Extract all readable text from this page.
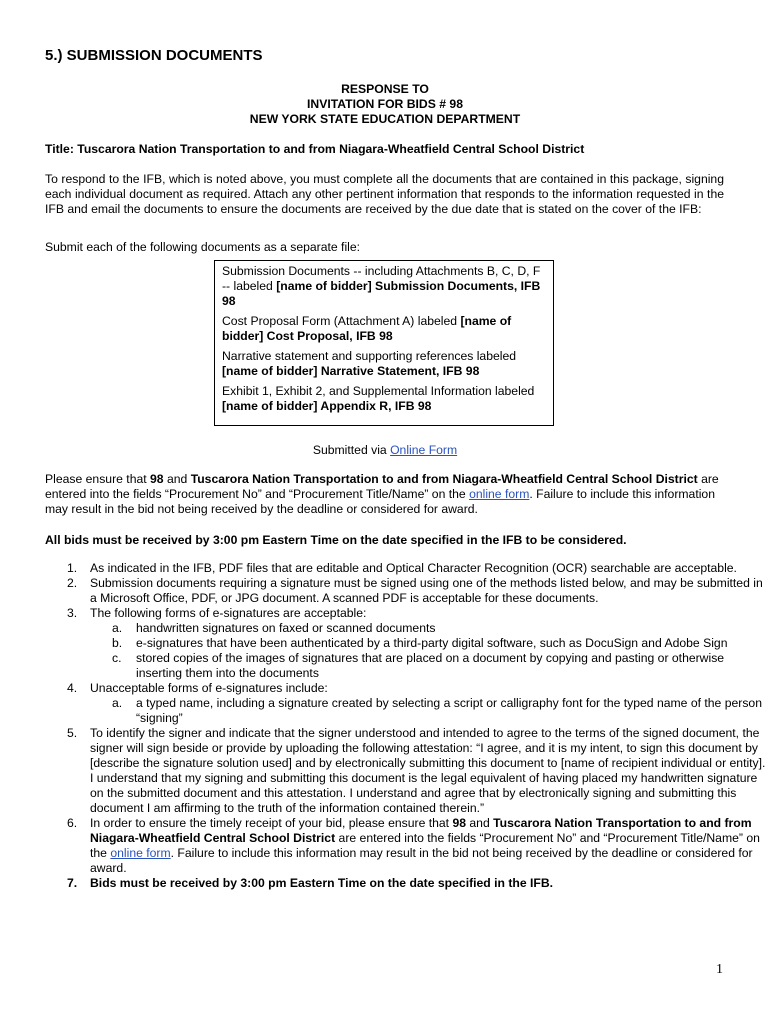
5.) SUBMISSION DOCUMENTS
RESPONSE TO
INVITATION FOR BIDS # 98
NEW YORK STATE EDUCATION DEPARTMENT
Title: Tuscarora Nation Transportation to and from Niagara-Wheatfield Central School District
To respond to the IFB, which is noted above, you must complete all the documents that are contained in this package, signing each individual document as required. Attach any other pertinent information that responds to the information requested in the IFB and email the documents to ensure the documents are received by the due date that is stated on the cover of the IFB:
Submit each of the following documents as a separate file:

Submission Documents -- including Attachments B, C, D, F -- labeled [name of bidder] Submission Documents, IFB 98

Cost Proposal Form (Attachment A) labeled [name of bidder] Cost Proposal, IFB 98

Narrative statement and supporting references labeled [name of bidder] Narrative Statement, IFB 98

Exhibit 1, Exhibit 2, and Supplemental Information labeled [name of bidder] Appendix R, IFB 98

Submitted via Online Form
Please ensure that 98 and Tuscarora Nation Transportation to and from Niagara-Wheatfield Central School District are entered into the fields “Procurement No” and “Procurement Title/Name” on the online form. Failure to include this information may result in the bid not being received by the deadline or considered for award.
All bids must be received by 3:00 pm Eastern Time on the date specified in the IFB to be considered.
1. As indicated in the IFB, PDF files that are editable and Optical Character Recognition (OCR) searchable are acceptable.
2. Submission documents requiring a signature must be signed using one of the methods listed below, and may be submitted in a Microsoft Office, PDF, or JPG document. A scanned PDF is acceptable for these documents.
3. The following forms of e-signatures are acceptable:
a. handwritten signatures on faxed or scanned documents
b. e-signatures that have been authenticated by a third-party digital software, such as DocuSign and Adobe Sign
c. stored copies of the images of signatures that are placed on a document by copying and pasting or otherwise inserting them into the documents
4. Unacceptable forms of e-signatures include:
a. a typed name, including a signature created by selecting a script or calligraphy font for the typed name of the person “signing”
5. To identify the signer and indicate that the signer understood and intended to agree to the terms of the signed document, the signer will sign beside or provide by uploading the following attestation: “I agree, and it is my intent, to sign this document by [describe the signature solution used] and by electronically submitting this document to [name of recipient individual or entity]. I understand that my signing and submitting this document is the legal equivalent of having placed my handwritten signature on the submitted document and this attestation. I understand and agree that by electronically signing and submitting this document I am affirming to the truth of the information contained therein.”
6. In order to ensure the timely receipt of your bid, please ensure that 98 and Tuscarora Nation Transportation to and from Niagara-Wheatfield Central School District are entered into the fields “Procurement No” and “Procurement Title/Name” on the online form. Failure to include this information may result in the bid not being received by the deadline or considered for award.
7. Bids must be received by 3:00 pm Eastern Time on the date specified in the IFB.
1
